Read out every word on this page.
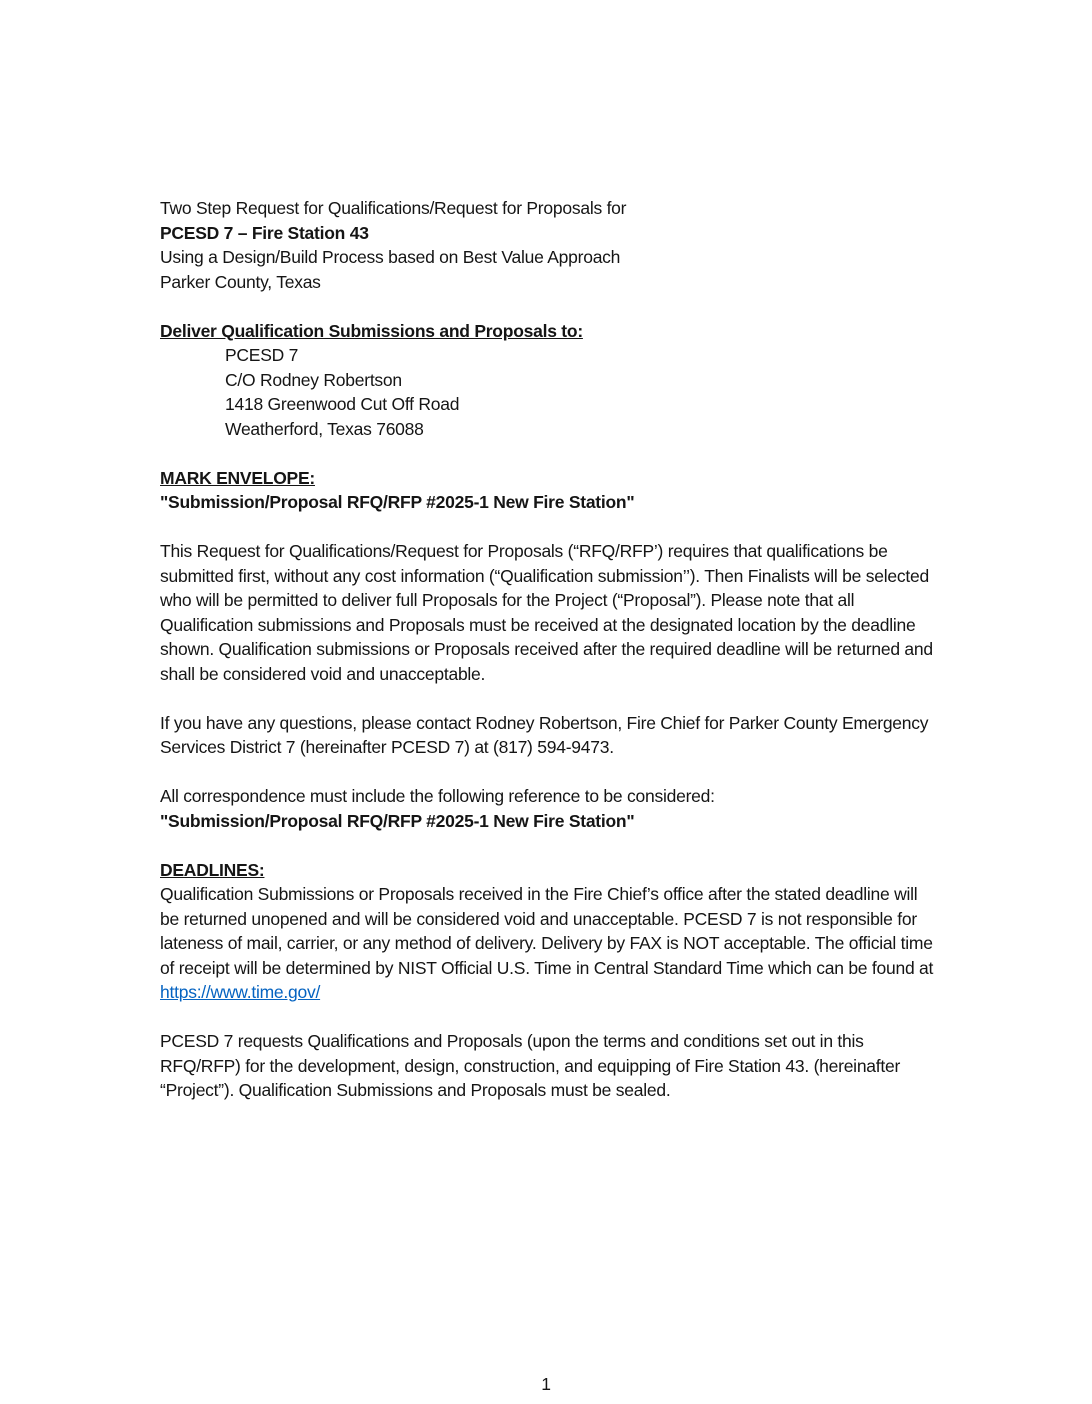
Two Step Request for Qualifications/Request for Proposals for
PCESD 7 – Fire Station 43
Using a Design/Build Process based on Best Value Approach
Parker County, Texas
Deliver Qualification Submissions and Proposals to:
PCESD 7
C/O Rodney Robertson
1418 Greenwood Cut Off Road
Weatherford, Texas 76088
MARK ENVELOPE:
"Submission/Proposal RFQ/RFP #2025-1 New Fire Station"

This Request for Qualifications/Request for Proposals (“RFQ/RFP’) requires that qualifications be submitted first, without any cost information (“Qualification submission’’). Then Finalists will be selected who will be permitted to deliver full Proposals for the Project (“Proposal”). Please note that all Qualification submissions and Proposals must be received at the designated location by the deadline shown. Qualification submissions or Proposals received after the required deadline will be returned and shall be considered void and unacceptable.

If you have any questions, please contact Rodney Robertson, Fire Chief for Parker County Emergency Services District 7 (hereinafter PCESD 7) at (817) 594-9473.

All correspondence must include the following reference to be considered:
"Submission/Proposal RFQ/RFP #2025-1 New Fire Station"
DEADLINES:

Qualification Submissions or Proposals received in the Fire Chief’s office after the stated deadline will be returned unopened and will be considered void and unacceptable. PCESD 7 is not responsible for lateness of mail, carrier, or any method of delivery. Delivery by FAX is NOT acceptable. The official time of receipt will be determined by NIST Official U.S. Time in Central Standard Time which can be found at https://www.time.gov/

PCESD 7 requests Qualifications and Proposals (upon the terms and conditions set out in this RFQ/RFP) for the development, design, construction, and equipping of Fire Station 43. (hereinafter “Project”). Qualification Submissions and Proposals must be sealed.

1
